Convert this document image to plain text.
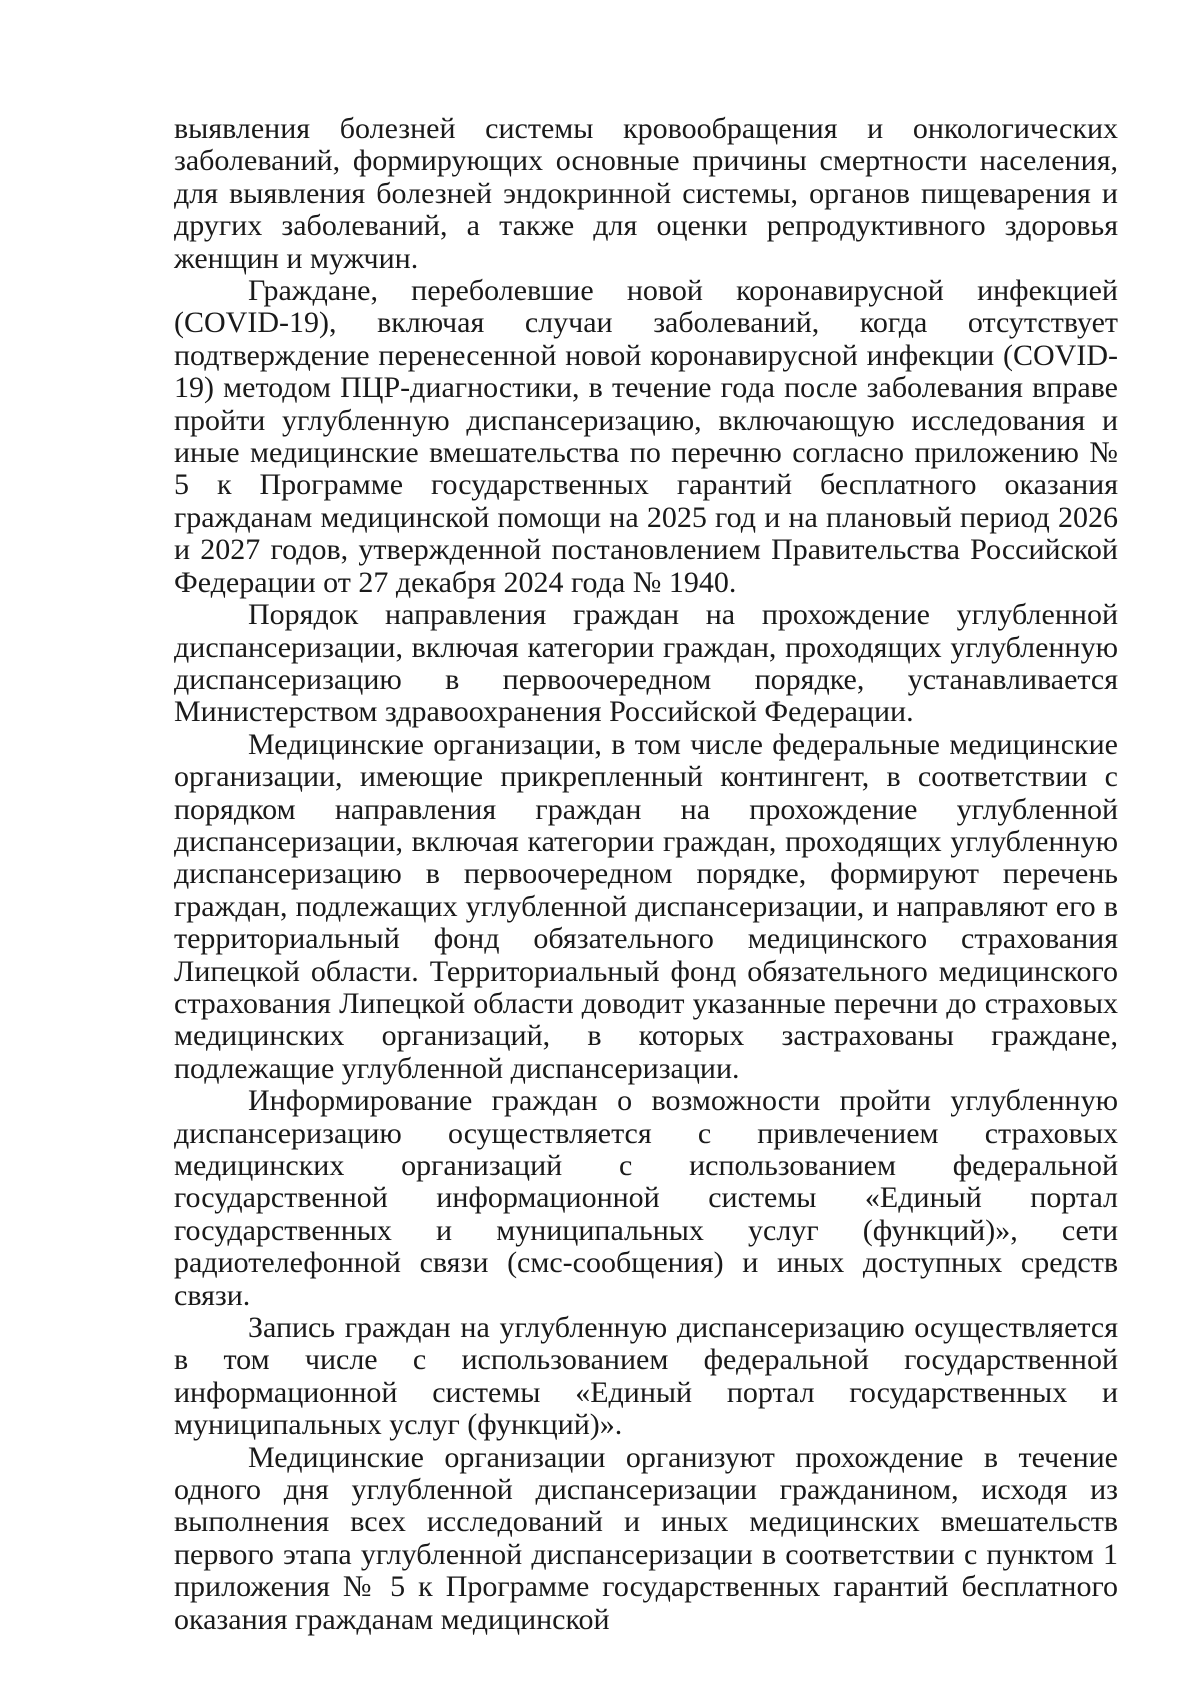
выявления болезней системы кровообращения и онкологических заболеваний, формирующих основные причины смертности населения, для выявления болезней эндокринной системы, органов пищеварения и других заболеваний, а также для оценки репродуктивного здоровья женщин и мужчин.

Граждане, переболевшие новой коронавирусной инфекцией (COVID-19), включая случаи заболеваний, когда отсутствует подтверждение перенесенной новой коронавирусной инфекции (COVID-19) методом ПЦР-диагностики, в течение года после заболевания вправе пройти углубленную диспансеризацию, включающую исследования и иные медицинские вмешательства по перечню согласно приложению № 5 к Программе государственных гарантий бесплатного оказания гражданам медицинской помощи на 2025 год и на плановый период 2026 и 2027 годов, утвержденной постановлением Правительства Российской Федерации от 27 декабря 2024 года № 1940.

Порядок направления граждан на прохождение углубленной диспансеризации, включая категории граждан, проходящих углубленную диспансеризацию в первоочередном порядке, устанавливается Министерством здравоохранения Российской Федерации.

Медицинские организации, в том числе федеральные медицинские организации, имеющие прикрепленный контингент, в соответствии с порядком направления граждан на прохождение углубленной диспансеризации, включая категории граждан, проходящих углубленную диспансеризацию в первоочередном порядке, формируют перечень граждан, подлежащих углубленной диспансеризации, и направляют его в территориальный фонд обязательного медицинского страхования Липецкой области. Территориальный фонд обязательного медицинского страхования Липецкой области доводит указанные перечни до страховых медицинских организаций, в которых застрахованы граждане, подлежащие углубленной диспансеризации.

Информирование граждан о возможности пройти углубленную диспансеризацию осуществляется с привлечением страховых медицинских организаций с использованием федеральной государственной информационной системы «Единый портал государственных и муниципальных услуг (функций)», сети радиотелефонной связи (смс-сообщения) и иных доступных средств связи.

Запись граждан на углубленную диспансеризацию осуществляется в том числе с использованием федеральной государственной информационной системы «Единый портал государственных и муниципальных услуг (функций)».

Медицинские организации организуют прохождение в течение одного дня углубленной диспансеризации гражданином, исходя из выполнения всех исследований и иных медицинских вмешательств первого этапа углубленной диспансеризации в соответствии с пунктом 1 приложения № 5 к Программе государственных гарантий бесплатного оказания гражданам медицинской
